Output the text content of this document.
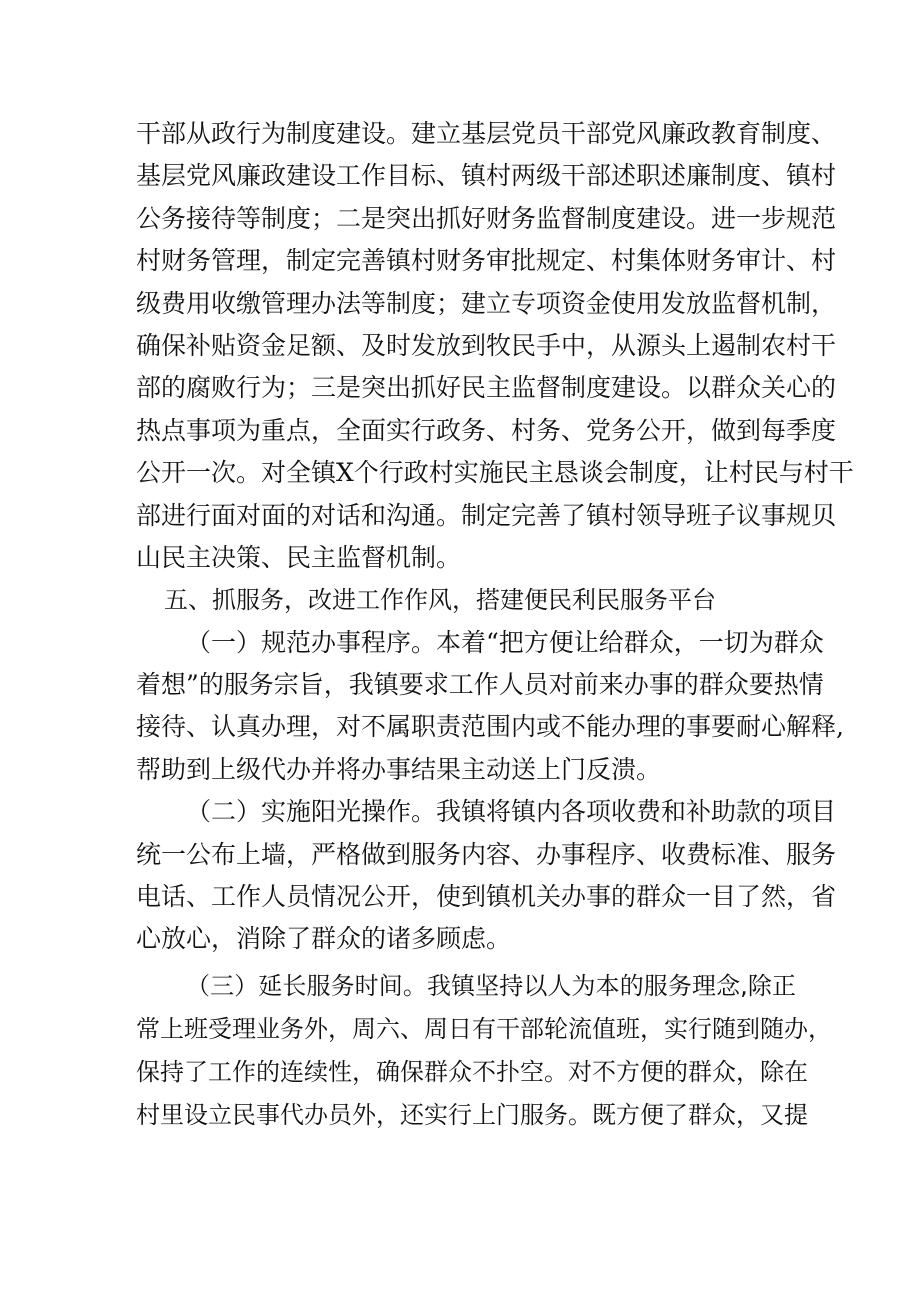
干部从政行为制度建设。建立基层党员干部党风廉政教育制度、
基层党风廉政建设工作目标、镇村两级干部述职述廉制度、镇村
公务接待等制度；二是突出抓好财务监督制度建设。进一步规范
村财务管理，制定完善镇村财务审批规定、村集体财务审计、村
级费用收缴管理办法等制度；建立专项资金使用发放监督机制，
确保补贴资金足额、及时发放到牧民手中，从源头上遏制农村干
部的腐败行为；三是突出抓好民主监督制度建设。以群众关心的
热点事项为重点，全面实行政务、村务、党务公开，做到每季度
公开一次。对全镇X个行政村实施民主恳谈会制度，让村民与村干
部进行面对面的对话和沟通。制定完善了镇村领导班子议事规贝
山民主决策、民主监督机制。
五、抓服务，改进工作作风，搭建便民利民服务平台
（一）规范办事程序。本着“把方便让给群众，一切为群众
着想”的服务宗旨，我镇要求工作人员对前来办事的群众要热情
接待、认真办理，对不属职责范围内或不能办理的事要耐心解释,
帮助到上级代办并将办事结果主动送上门反溃。
（二）实施阳光操作。我镇将镇内各项收费和补助款的项目
统一公布上墙，严格做到服务内容、办事程序、收费标准、服务
电话、工作人员情况公开，使到镇机关办事的群众一目了然，省
心放心，消除了群众的诸多顾虑。
（三）延长服务时间。我镇坚持以人为本的服务理念,除正
常上班受理业务外，周六、周日有干部轮流值班，实行随到随办，
保持了工作的连续性，确保群众不扑空。对不方便的群众，除在
村里设立民事代办员外，还实行上门服务。既方便了群众，又提
